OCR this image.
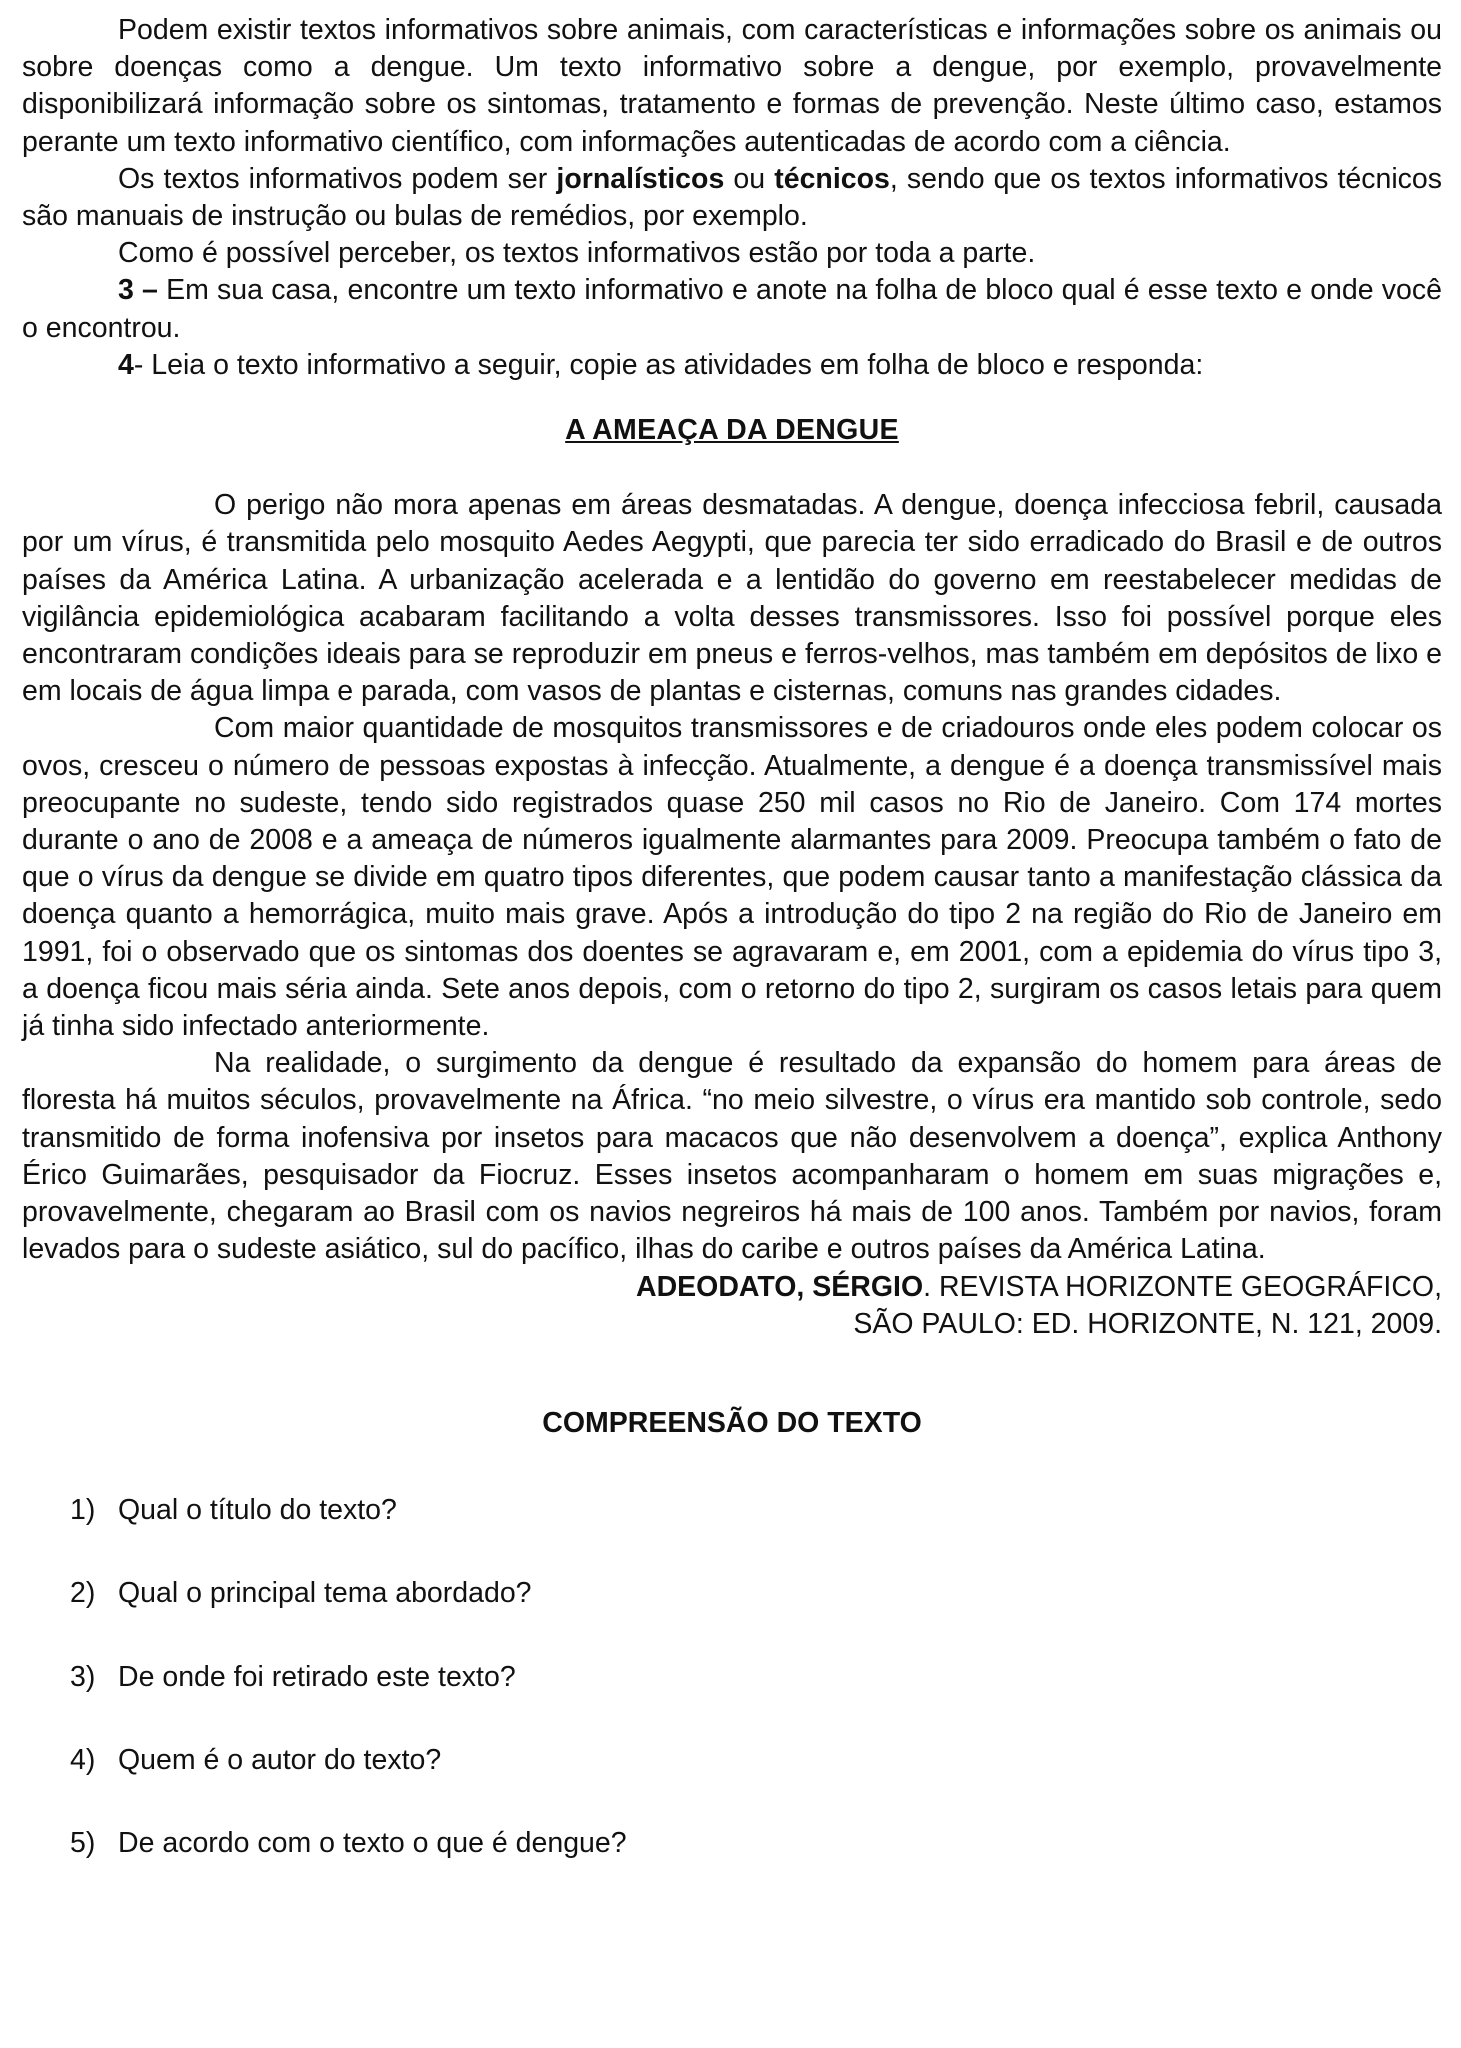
Podem existir textos informativos sobre animais, com características e informações sobre os animais ou sobre doenças como a dengue. Um texto informativo sobre a dengue, por exemplo, provavelmente disponibilizará informação sobre os sintomas, tratamento e formas de prevenção. Neste último caso, estamos perante um texto informativo científico, com informações autenticadas de acordo com a ciência.

Os textos informativos podem ser jornalísticos ou técnicos, sendo que os textos informativos técnicos são manuais de instrução ou bulas de remédios, por exemplo.

Como é possível perceber, os textos informativos estão por toda a parte.

3 – Em sua casa, encontre um texto informativo e anote na folha de bloco qual é esse texto e onde você o encontrou.

4- Leia o texto informativo a seguir, copie as atividades em folha de bloco e responda:

A AMEAÇA DA DENGUE

O perigo não mora apenas em áreas desmatadas. A dengue, doença infecciosa febril, causada por um vírus, é transmitida pelo mosquito Aedes Aegypti, que parecia ter sido erradicado do Brasil e de outros países da América Latina. A urbanização acelerada e a lentidão do governo em reestabelecer medidas de vigilância epidemiológica acabaram facilitando a volta desses transmissores. Isso foi possível porque eles encontraram condições ideais para se reproduzir em pneus e ferros-velhos, mas também em depósitos de lixo e em locais de água limpa e parada, com vasos de plantas e cisternas, comuns nas grandes cidades.

Com maior quantidade de mosquitos transmissores e de criadouros onde eles podem colocar os ovos, cresceu o número de pessoas expostas à infecção. Atualmente, a dengue é a doença transmissível mais preocupante no sudeste, tendo sido registrados quase 250 mil casos no Rio de Janeiro. Com 174 mortes durante o ano de 2008 e a ameaça de números igualmente alarmantes para 2009. Preocupa também o fato de que o vírus da dengue se divide em quatro tipos diferentes, que podem causar tanto a manifestação clássica da doença quanto a hemorrágica, muito mais grave. Após a introdução do tipo 2 na região do Rio de Janeiro em 1991, foi o observado que os sintomas dos doentes se agravaram e, em 2001, com a epidemia do vírus tipo 3, a doença ficou mais séria ainda. Sete anos depois, com o retorno do tipo 2, surgiram os casos letais para quem já tinha sido infectado anteriormente.

Na realidade, o surgimento da dengue é resultado da expansão do homem para áreas de floresta há muitos séculos, provavelmente na África. “no meio silvestre, o vírus era mantido sob controle, sedo transmitido de forma inofensiva por insetos para macacos que não desenvolvem a doença”, explica Anthony Érico Guimarães, pesquisador da Fiocruz. Esses insetos acompanharam o homem em suas migrações e, provavelmente, chegaram ao Brasil com os navios negreiros há mais de 100 anos. Também por navios, foram levados para o sudeste asiático, sul do pacífico, ilhas do caribe e outros países da América Latina.

ADEODATO, SÉRGIO. REVISTA HORIZONTE GEOGRÁFICO,

SÃO PAULO: ED. HORIZONTE, N. 121, 2009.

COMPREENSÃO DO TEXTO
1) Qual o título do texto?
2) Qual o principal tema abordado?
3) De onde foi retirado este texto?
4) Quem é o autor do texto?
5) De acordo com o texto o que é dengue?
